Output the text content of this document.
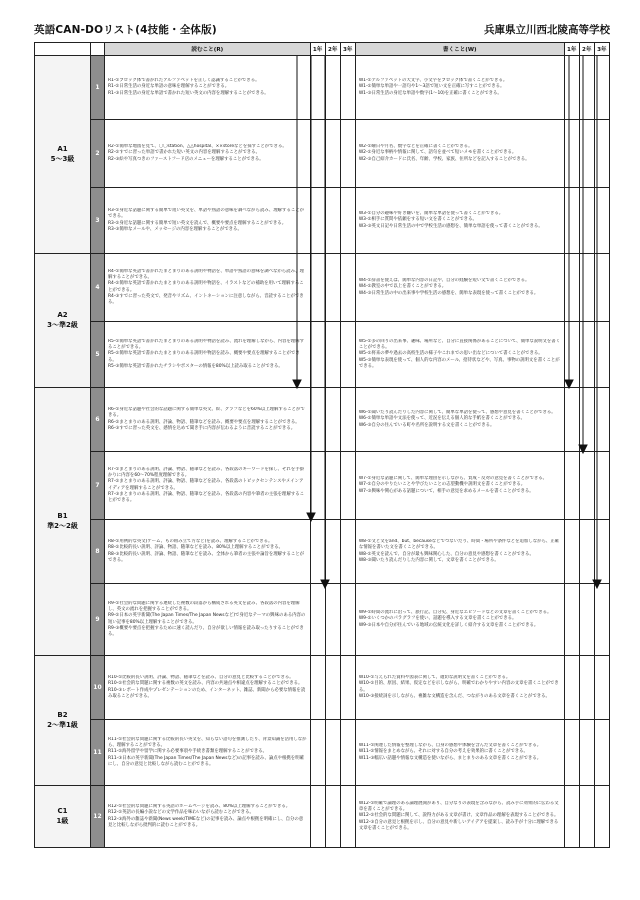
英語CAN-DOリスト(4技能・全体版)	兵庫県立川西北陵高等学校
		読むこと(R)	1年	2年	3年	書くこと(W)	1年	2年	3年
A1
5〜3級	1	R1-①ブロック体で書かれたアルファベットを正しく認識することができる。
R1-②日常生活の身近な単語の意味を理解することができる。
R1-③日常生活の身近な単語で書かれた短い英文の内容を理解することができる。				W1-①アルファベットの大文字、小文字をブロック体で書くことができる。
W1-②簡単な単語や一語句や1〜3語で短い文を正確に写すことができる。
W1-③日常生活の身近な単語や数字(1〜10)を正確に書くことができる。			

	2	R2-①簡単な地図を見て、〇〇station、△△hospital、××storeなどを探すことができる。
R2-②すでに習った単語で書かれた短い英文の内容を理解することができる。
R2-③絵や写真つきのファーストフード店のメニューを理解することができる。				W2-①曜日や月名、数字などを正確に書くことができる。
W2-②身近な事柄や情報に関して、語句を並べて短いメモを書くことができる。
W2-③自己紹介カードに氏名、年齢、学校、家族、住所などを記入することができる。			

	3	R3-①身近な話題に関する簡単で短い英文を、単語や熟語の意味を調べながら読み、理解することができる。
R3-②身近な話題に関する簡単で短い英文を読んで、概要や要点を理解することができる。
R3-③簡単なメールや、メッセージの内容を理解することができる。				W3-①自分の趣味や好き嫌いを、簡単な単語を使って書くことができる。
W3-②相手に質問や依頼をする短い文を書くことができる。
W3-③英文日記や日常生活の中で学校生活の感想を、簡単な単語を使って書くことができる。			

A2
3〜準2級	4	R4-①簡単な英語で書かれたまとまりのある説明や物語を、単語や熟語の意味を調べながら読み、理解することができる。
R4-②簡単な英語で書かれたまとまりのある説明や物語を、イラストなどの補助を用いて理解することができる。
R4-③すでに習った英文で、発音やリズム、イントネーションに注意しながら、音読することができる。				W4-①辞書を使えば、簡単な内容の日記や、自分の経験を短い文で書くことができる。
W4-②教室の中で以上を書くことができる。
W4-③日常生活の中の出来事や学校生活の感想を、簡単な表現を使って書くことができる。			

	5	R5-①簡単な英語で書かれたまとまりのある説明や物語を読み、流れを理解しながら、内容を理解することができる。
R5-②簡単な英語で書かれたまとまりのある説明や物語を読み、概要や要点を理解することができる。
R5-③簡単な英語で書かれたチラシやポスターの情報を80%以上読み取ることができる。				W5-①多の回りの出来事、趣味、場所など、自分に直接関係があることについて、簡単な説明文を書くことができる。
W5-②将来の夢や過去の高校生活の様子やこれまでの思い出などについて書くことができる。
W5-③簡単な表現を使って、個人的な内容のメール、招待状などや、写真、事物の説明文を書くことができる。			

B1
準2〜2級	6	R6-①身近な話題や社会的な話題に関する簡単な英文、絵、グラフなどを60%以上理解することができる。
R6-②まとまりのある説明、評論、物語、随筆などを読み、概要や要点を理解することができる。
R6-③すでに習った英文を、感情を込めて聞き手に内容が伝わるように音読することができる。				W6-①聞いたり読んだりした内容に関して、簡単な単語を使って、感想や意見を書くことができる。
W6-②簡単な単語や文法を使って、近況を伝える個人的な手紙を書くことができる。
W6-③自分の住んでいる町や名所を説明する文を書くことができる。			

	7	R7-①まとまりのある説明、評論、物語、随筆などを読み、各段落のキーワードを探し、それを手掛かりに内容を60〜70%程度理解できる。
R7-②まとまりのある説明、評論、物語、随筆などを読み、各段落のトピックセンテンスやメインアイディアを理解することができる。
R7-③まとまりのある説明、評論、物語、随筆などを読み、各段落の内容や筆者の主張を理解することができる。				W7-①身近な話題に関して、簡単な理由を示しながら、賛成・反対の意見を書くことができる。
W7-②自分のやりたいことや学びたいことの志望動機や説明文を書くことができる。
W7-③興味や関心がある話題について、相手の意見を求めるメールを書くことができる。			

	8	R8-①用例的な英文(ゲーム、もの組み立て方など)を読み、理解することができる。
R8-②比較的長い説明、評論、物語、随筆などを読み、80%以上理解することができる。
R8-③比較的長い説明、評論、物語、随筆などを読み、全体から筆者の主張や論旨を理解することができる。				W8-①文と文をand、but、becauseなどでつないだり、時間・場所や条件などを追加しながら、正確な情報を書いた文を書くことができる。
W8-②英文を読んで、自分が最も興味関心した、自分の意見や感想を書くことができる。
W8-③聞いたり読んだりした内容に関して、文章を書くことができる。			

	9	R9-①社会的な問題に関する連続した複数の段落から構成される英文を読み、各段落の内容を理解し、英文の流れを把握することができる。
R9-②日本の英字新聞(The Japan Times/The Japan Newsなど)で身近なテーマの興味のある内容の短い記事を80%以上理解することができる。
R9-③概要や要点を把握するために速く読んだり、自分が欲しい情報を読み取ったりすることができる。				W9-①時間の流れに沿って、旅行記、自分史、身近なエピソードなどの文章を書くことができる。
W9-②いくつかのパラグラフを使い、話題を導入する文章を書くことができる。
W9-③日本や自分が住んでいる地域の伝統文化を詳しく紹介する文章を書くことができる。			

B2
2〜準1級	10	R10-①比較的長い説明、評論、物語、随筆などを読み、自分の意見と比較することができる。
R10-②社会的な問題に関する複数の英文を読み、内容の共通点や相違点を理解することができる。
R10-③レポート作成やプレゼンテーションのため、インターネット、雑誌、新聞から必要な情報を読み取ることができる。				W10-①与えられた資料や図表に関して、適切な説明文を書くことができる。
W10-②目的、原因、結果、仮定などを示しながら、明確でわかりやすい内容の文章を書くことができる。
W10-③接続詞を示しながら、複雑な文構造を含んだ、つながりのある文章を書くことができる。			

	11	R11-①社会的な問題に関する比較的長い英文を、知らない語句を推測したり、背景知識を活用しながら、理解することができる。
R11-②海外留学や留学に関する必要事項や手続き書類を理解することができる。
R11-③日本の英字新聞(The Japan Times/The Japan Newsなど)の記事を読み、論点や根拠を明確にし、自分の意見と比較しながら読むことができる。				W11-①関連した情報を整理しながら、自身の感想や体験を含んだ文章を書くことができる。
W11-②情報をまとめながら、それに対する自分の考えを効果的に書くことができる。
W11-③幅広い話題や情報な文構造を使いながら、まとまりのある文章を書くことができる。			

C1
1級	12	R12-①社会的な問題に関する英語のホームページを読み、80%以上理解することができる。
R12-②英語の長編小説などの文学作品を味わいながら読むことができる。
R12-③海外の雑誌や新聞(News week/TIMEなど)の記事を読み、論点や根拠を明確にし、自分の意見と比較しながら批判的に読むことができる。				W12-①明確で論理のある論理展開があり、自分なりの表現を含みながら、読み手に効果的に伝わる文章を書くことができる。
W12-②社会的な問題に関して、説得力がある文章が書け、文章作品の理解を表現することができる。
W12-③自分の意見と根拠を示し、自分の意見や新しいアイデアを提案し、読み手が十分に理解できる文章を書くことができる。			
